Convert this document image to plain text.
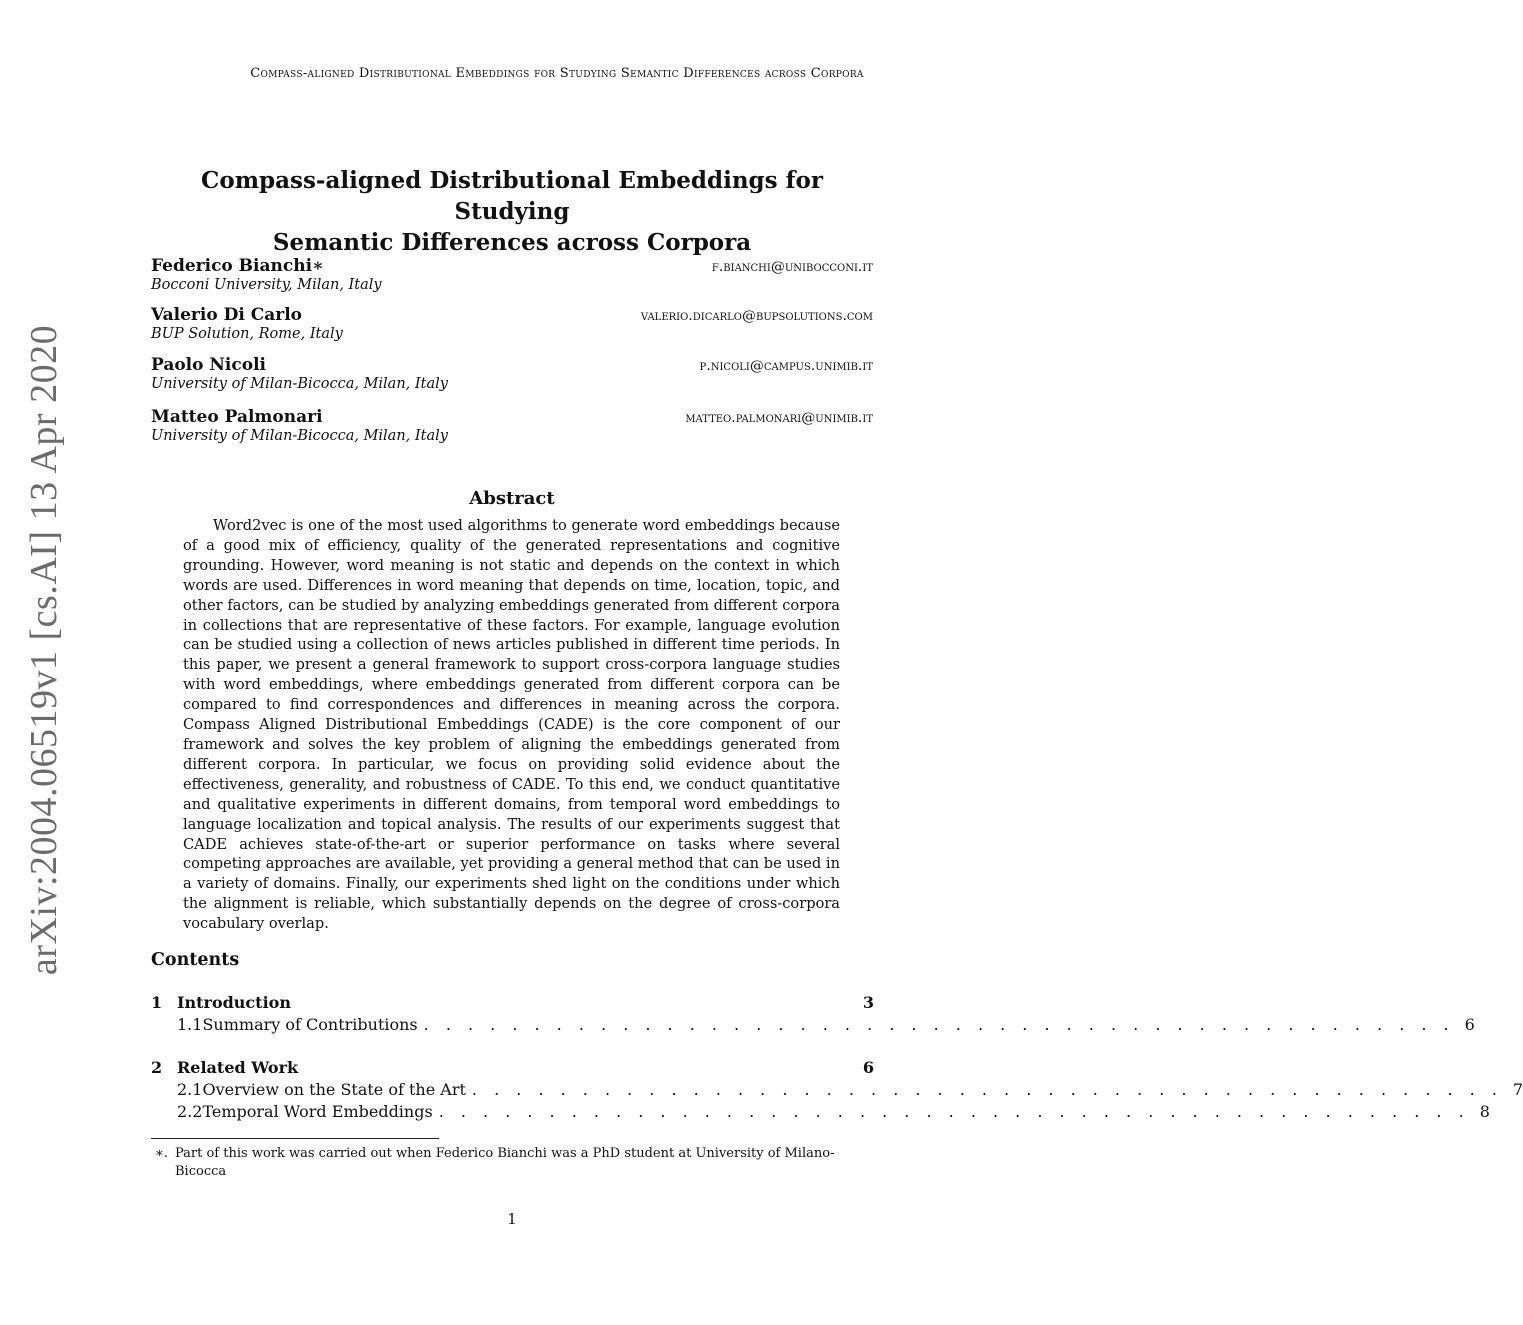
arXiv:2004.06519v1 [cs.AI] 13 Apr 2020
Compass-aligned Distributional Embeddings for Studying Semantic Differences across Corpora
Compass-aligned Distributional Embeddings for Studying
Semantic Differences across Corpora
Federico Bianchi∗	f.bianchi@unibocconi.it
Bocconi University, Milan, Italy
Valerio Di Carlo	valerio.dicarlo@bupsolutions.com
BUP Solution, Rome, Italy
Paolo Nicoli	p.nicoli@campus.unimib.it
University of Milan-Bicocca, Milan, Italy
Matteo Palmonari	matteo.palmonari@unimib.it
University of Milan-Bicocca, Milan, Italy
Abstract
Word2vec is one of the most used algorithms to generate word embeddings because of a good mix of efficiency, quality of the generated representations and cognitive grounding. However, word meaning is not static and depends on the context in which words are used. Differences in word meaning that depends on time, location, topic, and other factors, can be studied by analyzing embeddings generated from different corpora in collections that are representative of these factors. For example, language evolution can be studied using a collection of news articles published in different time periods. In this paper, we present a general framework to support cross-corpora language studies with word embeddings, where embeddings generated from different corpora can be compared to find correspondences and differences in meaning across the corpora. Compass Aligned Distributional Embeddings (CADE) is the core component of our framework and solves the key problem of aligning the embeddings generated from different corpora. In particular, we focus on providing solid evidence about the effectiveness, generality, and robustness of CADE. To this end, we conduct quantitative and qualitative experiments in different domains, from temporal word embeddings to language localization and topical analysis. The results of our experiments suggest that CADE achieves state-of-the-art or superior performance on tasks where several competing approaches are available, yet providing a general method that can be used in a variety of domains. Finally, our experiments shed light on the conditions under which the alignment is reliable, which substantially depends on the degree of cross-corpora vocabulary overlap.
Contents
1 Introduction	3
1.1 Summary of Contributions . . . . . . . . . . . . . . . . . . . . . . . . . . . . . . . . . . . . . . . . . . . . . . . 6
2 Related Work	6
2.1 Overview on the State of the Art . . . . . . . . . . . . . . . . . . . . . . . . . . . . . . . . . . . . . . . . . . . . . . . 7
2.2 Temporal Word Embeddings . . . . . . . . . . . . . . . . . . . . . . . . . . . . . . . . . . . . . . . . . . . . . . . 8
∗. Part of this work was carried out when Federico Bianchi was a PhD student at University of Milano-
Bicocca
1
